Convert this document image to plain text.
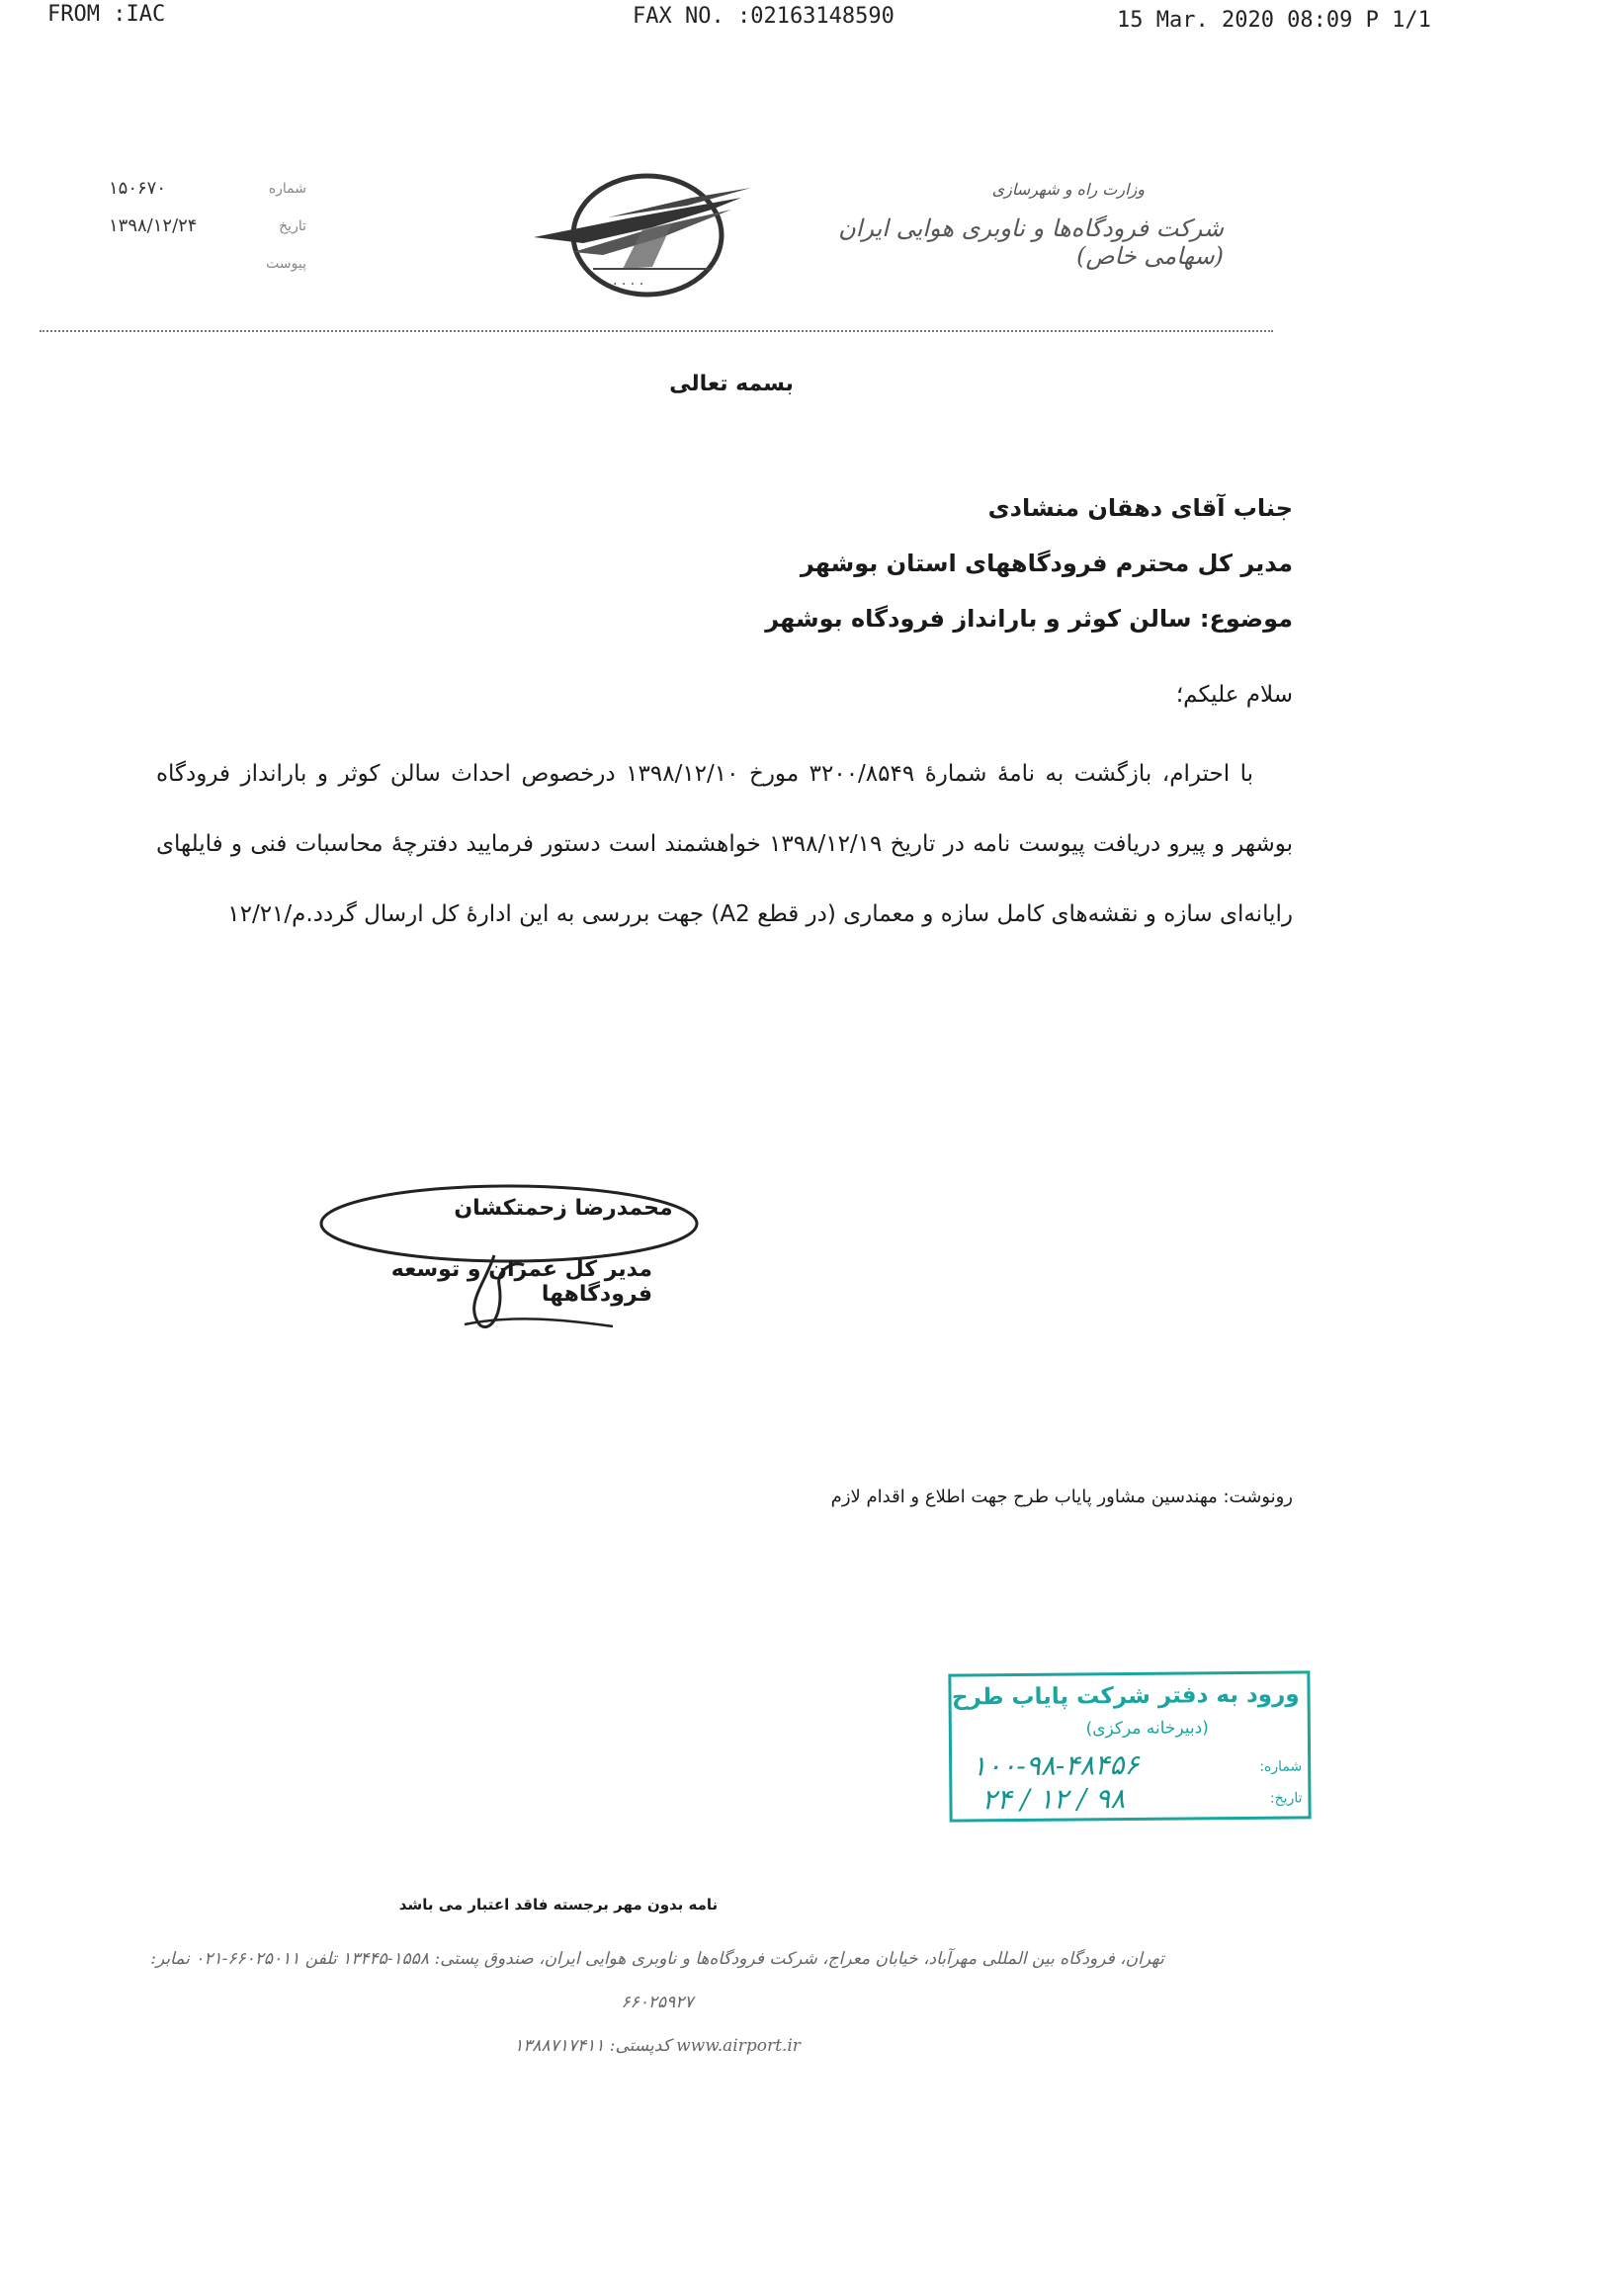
FROM :IAC	FAX NO. :02163148590	15 Mar. 2020 08:09 P 1/1
شماره
۱۵۰۶۷۰
تاریخ
۱۳۹۸/۱۲/۲۴
پیوست
· · · ·
وزارت راه و شهرسازی
شرکت فرودگاه‌ها و ناوبری هوایی ایران (سهامی خاص)
بسمه تعالی
جناب آقای دهقان منشادی
مدیر کل محترم فرودگاههای استان بوشهر
موضوع: سالن کوثر و بارانداز فرودگاه بوشهر
سلام علیکم؛

با احترام، بازگشت به نامهٔ شمارهٔ ۳۲۰۰/۸۵۴۹ مورخ ۱۳۹۸/۱۲/۱۰ درخصوص احداث سالن کوثر و بارانداز فرودگاه بوشهر و پیرو دریافت پیوست نامه در تاریخ ۱۳۹۸/۱۲/۱۹ خواهشمند است دستور فرمایید دفترچهٔ محاسبات فنی و فایلهای رایانه‌ای سازه و نقشه‌های کامل سازه و معماری (در قطع A2) جهت بررسی به این ادارهٔ کل ارسال گردد.م/۱۲/۲۱

محمدرضا زحمتکشان
مدیر کل عمران و توسعه فرودگاهها
رونوشت: مهندسین مشاور پایاب طرح جهت اطلاع و اقدام لازم
ورود به دفتر شرکت پایاب طرح
(دبیرخانه مرکزی)
شماره:
تاریخ:
۱۰۰-۹۸-۴۸۴۵۶
۹۸ / ۱۲ / ۲۴
نامه بدون مهر برجسته فاقد اعتبار می باشد
تهران، فرودگاه بین المللی مهرآباد، خیابان معراج، شرکت فرودگاه‌ها و ناوبری هوایی ایران، صندوق پستی: ۱۵۵۸-۱۳۴۴۵ تلفن ۶۶۰۲۵۰۱۱-۰۲۱ نمابر: ۶۶۰۲۵۹۲۷
www.airport.ir کدپستی: ۱۳۸۸۷۱۷۴۱۱
